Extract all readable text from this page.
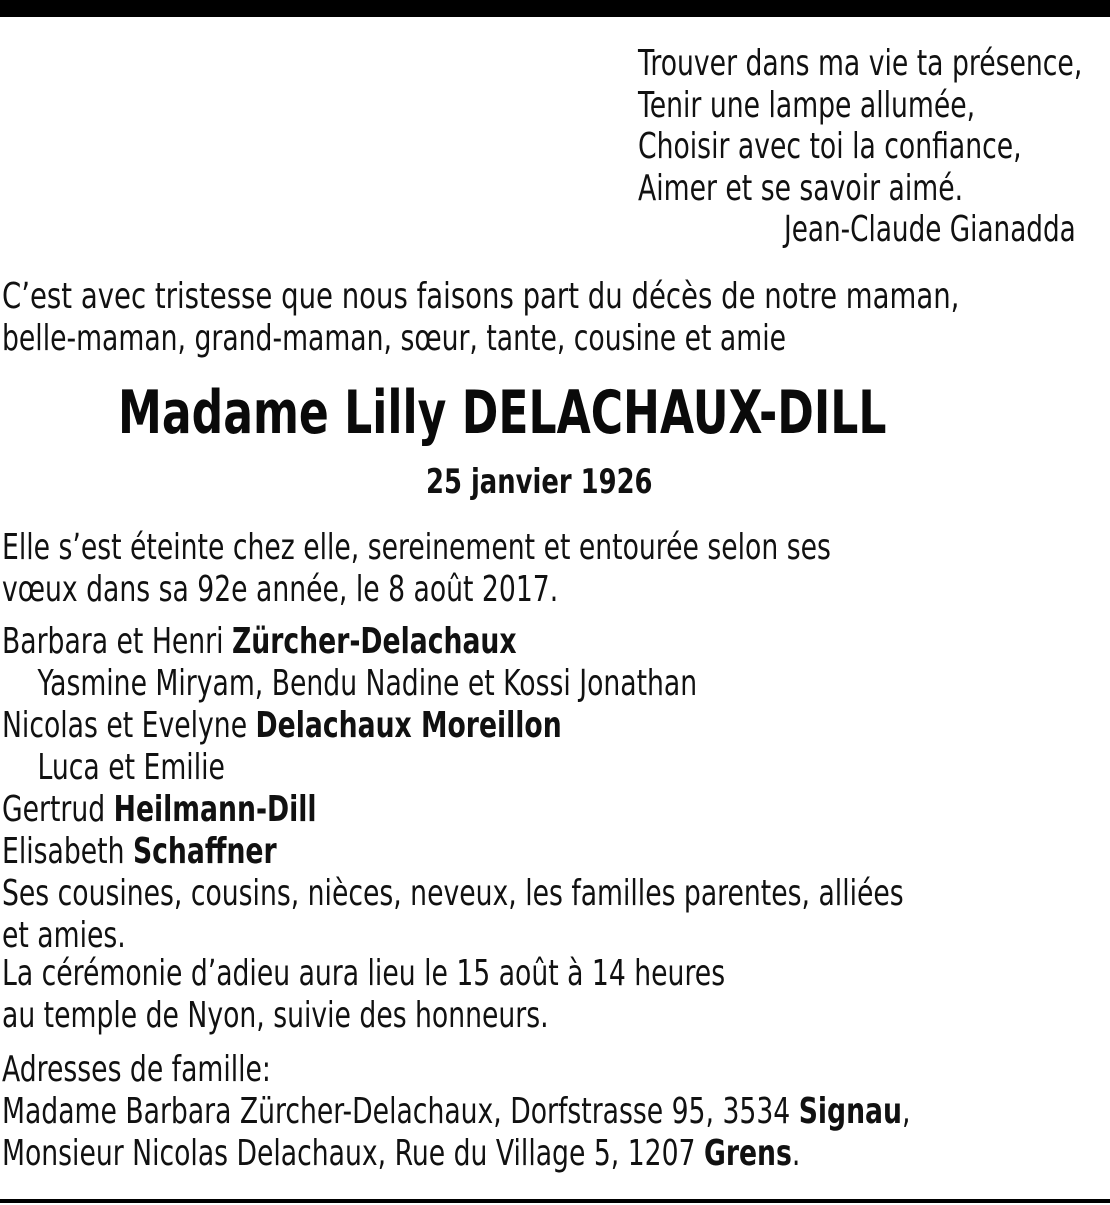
Trouver dans ma vie ta présence,
Tenir une lampe allumée,
Choisir avec toi la confiance,
Aimer et se savoir aimé.
Jean-Claude Gianadda
C’est avec tristesse que nous faisons part du décès de notre maman,
belle-maman, grand-maman, sœur, tante, cousine et amie
Madame Lilly DELACHAUX-DILL
25 janvier 1926
Elle s’est éteinte chez elle, sereinement et entourée selon ses
vœux dans sa 92e année, le 8 août 2017.
Barbara et Henri Zürcher-Delachaux
Yasmine Miryam, Bendu Nadine et Kossi Jonathan
Nicolas et Evelyne Delachaux Moreillon
Luca et Emilie
Gertrud Heilmann-Dill
Elisabeth Schaffner
Ses cousines, cousins, nièces, neveux, les familles parentes, alliées
et amies.
La cérémonie d’adieu aura lieu le 15 août à 14 heures
au temple de Nyon, suivie des honneurs.
Adresses de famille:
Madame Barbara Zürcher-Delachaux, Dorfstrasse 95, 3534 Signau,
Monsieur Nicolas Delachaux, Rue du Village 5, 1207 Grens.
